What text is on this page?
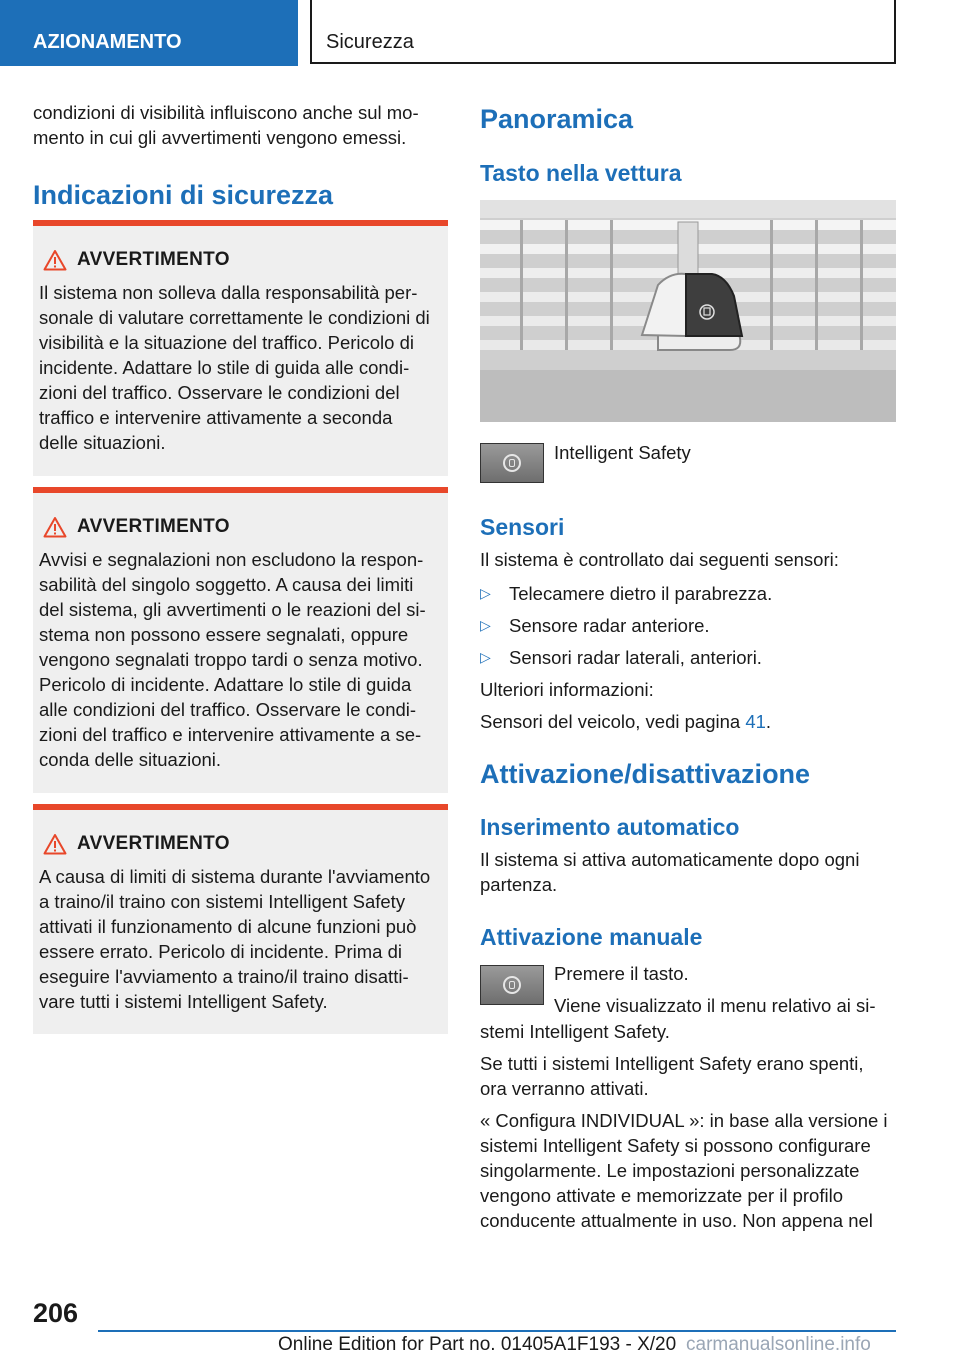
AZIONAMENTO	Sicurezza

condizioni di visibilità influiscono anche sul mo-

mento in cui gli avvertimenti vengono emessi.

Indicazioni di sicurezza
AVVERTIMENTO
Il sistema non solleva dalla responsabilità per-
sonale di valutare correttamente le condizioni di
visibilità e la situazione del traffico. Pericolo di
incidente. Adattare lo stile di guida alle condi-
zioni del traffico. Osservare le condizioni del
traffico e intervenire attivamente a seconda
delle situazioni.
AVVERTIMENTO
Avvisi e segnalazioni non escludono la respon-
sabilità del singolo soggetto. A causa dei limiti
del sistema, gli avvertimenti o le reazioni del si-
stema non possono essere segnalati, oppure
vengono segnalati troppo tardi o senza motivo.
Pericolo di incidente. Adattare lo stile di guida
alle condizioni del traffico. Osservare le condi-
zioni del traffico e intervenire attivamente a se-
conda delle situazioni.
AVVERTIMENTO
A causa di limiti di sistema durante l'avviamento
a traino/il traino con sistemi Intelligent Safety
attivati il funzionamento di alcune funzioni può
essere errato. Pericolo di incidente. Prima di
eseguire l'avviamento a traino/il traino disatti-
vare tutti i sistemi Intelligent Safety.
Panoramica
Tasto nella vettura
Intelligent Safety
Sensori
Il sistema è controllato dai seguenti sensori:
▷ Telecamere dietro il parabrezza.
▷ Sensore radar anteriore.
▷ Sensori radar laterali, anteriori.
Ulteriori informazioni:
Sensori del veicolo, vedi pagina 41.
Attivazione/disattivazione
Inserimento automatico
Il sistema si attiva automaticamente dopo ogni
partenza.
Attivazione manuale
Premere il tasto.
Viene visualizzato il menu relativo ai si-
stemi Intelligent Safety.
Se tutti i sistemi Intelligent Safety erano spenti,
ora verranno attivati.
« Configura INDIVIDUAL »: in base alla versione i
sistemi Intelligent Safety si possono configurare
singolarmente. Le impostazioni personalizzate
vengono attivate e memorizzate per il profilo
conducente attualmente in uso. Non appena nel
206
Online Edition for Part no. 01405A1F193 - X/20 carmanualsonline.info
